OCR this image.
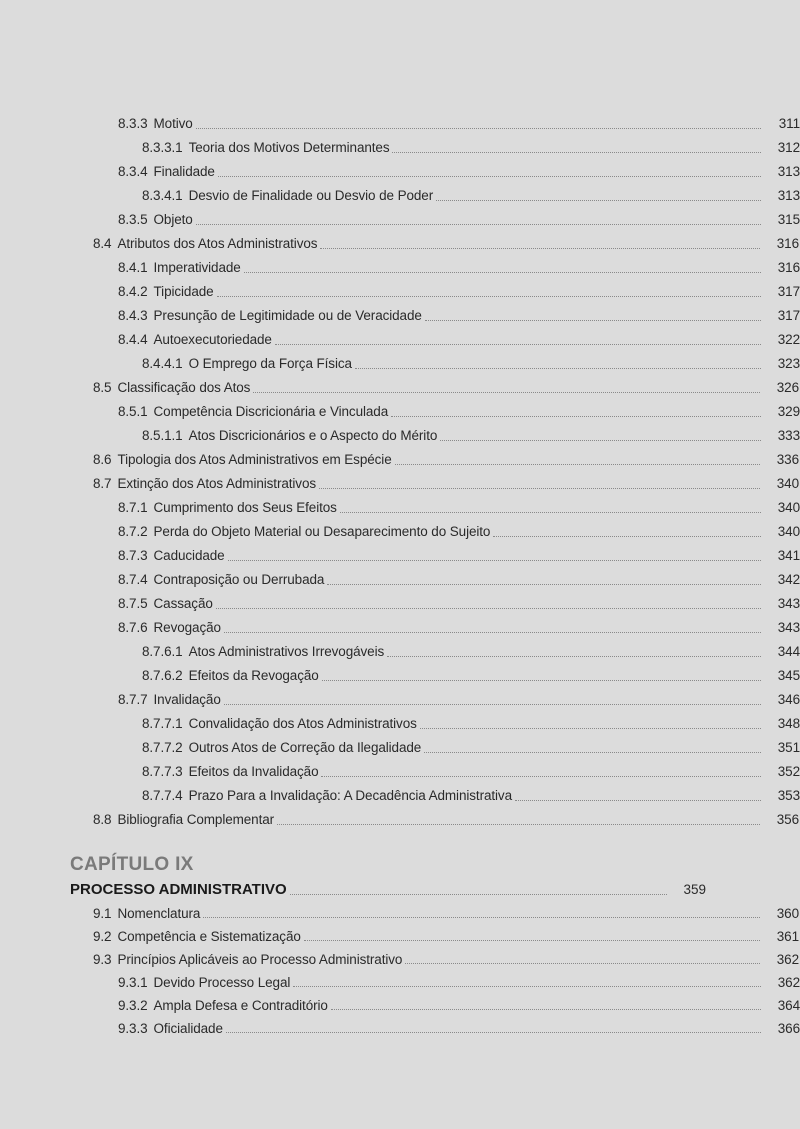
8.3.3 Motivo	311
8.3.3.1 Teoria dos Motivos Determinantes	312
8.3.4 Finalidade	313
8.3.4.1 Desvio de Finalidade ou Desvio de Poder	313
8.3.5 Objeto	315
8.4 Atributos dos Atos Administrativos	316
8.4.1 Imperatividade	316
8.4.2 Tipicidade	317
8.4.3 Presunção de Legitimidade ou de Veracidade	317
8.4.4 Autoexecutoriedade	322
8.4.4.1 O Emprego da Força Física	323
8.5 Classificação dos Atos	326
8.5.1 Competência Discricionária e Vinculada	329
8.5.1.1 Atos Discricionários e o Aspecto do Mérito	333
8.6 Tipologia dos Atos Administrativos em Espécie	336
8.7 Extinção dos Atos Administrativos	340
8.7.1 Cumprimento dos Seus Efeitos	340
8.7.2 Perda do Objeto Material ou Desaparecimento do Sujeito	340
8.7.3 Caducidade	341
8.7.4 Contraposição ou Derrubada	342
8.7.5 Cassação	343
8.7.6 Revogação	343
8.7.6.1 Atos Administrativos Irrevogáveis	344
8.7.6.2 Efeitos da Revogação	345
8.7.7 Invalidação	346
8.7.7.1 Convalidação dos Atos Administrativos	348
8.7.7.2 Outros Atos de Correção da Ilegalidade	351
8.7.7.3 Efeitos da Invalidação	352
8.7.7.4 Prazo Para a Invalidação: A Decadência Administrativa	353
8.8 Bibliografia Complementar	356
CAPÍTULO IX
PROCESSO ADMINISTRATIVO	359
9.1 Nomenclatura	360
9.2 Competência e Sistematização	361
9.3 Princípios Aplicáveis ao Processo Administrativo	362
9.3.1 Devido Processo Legal	362
9.3.2 Ampla Defesa e Contraditório	364
9.3.3 Oficialidade	366
